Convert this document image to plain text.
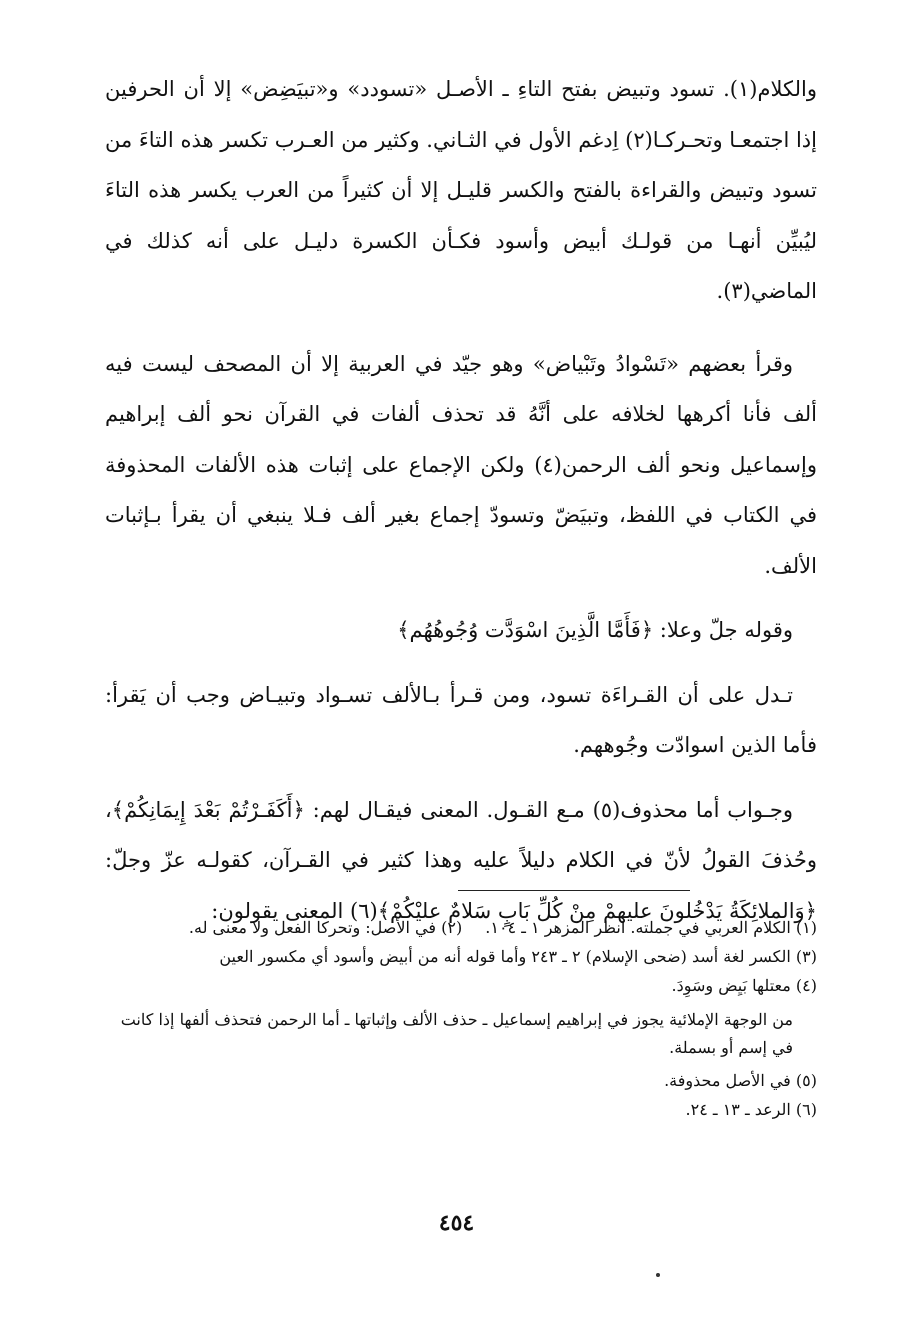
والكلام(١). تسود وتبيض بفتح التاءِ ـ الأصـل «تسودد» و«تبيَضِض» إلا أن الحرفين إذا اجتمعـا وتحـركـا(٢) اِدغم الأول في الثـاني. وكثير من العـرب تكسر هذه التاءَ من تسود وتبيض والقراءة بالفتح والكسر قليـل إلا أن كثيراً من العرب يكسر هذه التاءَ ليُبيِّن أنهـا من قولـك أبيض وأسود فكـأن الكسرة دليـل على أنه كذلك في الماضي(٣).

وقرأ بعضهم «تَسْوادُ وتَبْياض» وهو جيّد في العربية إلا أن المصحف ليست فيه ألف فأنا أكرهها لخلافه على أنَّهُ قد تحذف ألفات في القرآن نحو ألف إبراهيم وإسماعيل ونحو ألف الرحمن(٤) ولكن الإجماع على إثبات هذه الألفات المحذوفة في الكتاب في اللفظ، وتبيَضّ وتسودّ إجماع بغير ألف فـلا ينبغي أن يقرأ بـإثبات الألف.

وقوله جلّ وعلا: ﴿فَأَمَّا الَّذِينَ اسْوَدَّت وُجُوهُهُم﴾

تـدل على أن القـراءَة تسود، ومن قـرأ بـالألف تسـواد وتبيـاض وجب أن يَقرأ: فأما الذين اسوادّت وجُوههم.

وجـواب أما محذوف(٥) مـع القـول. المعنى فيقـال لهم: ﴿أَكَفَـرْتُمْ بَعْدَ إِيمَانِكُمْ﴾، وحُذفَ القولُ لأنّ في الكلام دليلاً عليه وهذا كثير في القـرآن، كقولـه عزّ وجلّ: ﴿وَالملائِكَةُ يَدْخُلونَ عليهمْ مِنْ كُلِّ بَابٍ سَلامٌ عليْكُمْ﴾(٦) المعنى يقولون:

(١) الكلام العربي في جملته. انظر المزهر ١ ـ ١٠٤. (٢) في الأصل: وتحركا الفعل ولا معنى له.
(٣) الكسر لغة أسد (ضحى الإسلام) ٢ ـ ٢٤٣ وأما قوله أنه من أبيض وأسود أي مكسور العين
(٤) معتلها بَيِض وسَوِدَ.
من الوجهة الإملائية يجوز في إبراهيم إسماعيل ـ حذف الألف وإثباتها ـ أما الرحمن فتحذف ألفها إذا كانت في إسم أو بسملة.
(٥) في الأصل محذوفة.
(٦) الرعد ـ ١٣ ـ ٢٤.
٤٥٤
